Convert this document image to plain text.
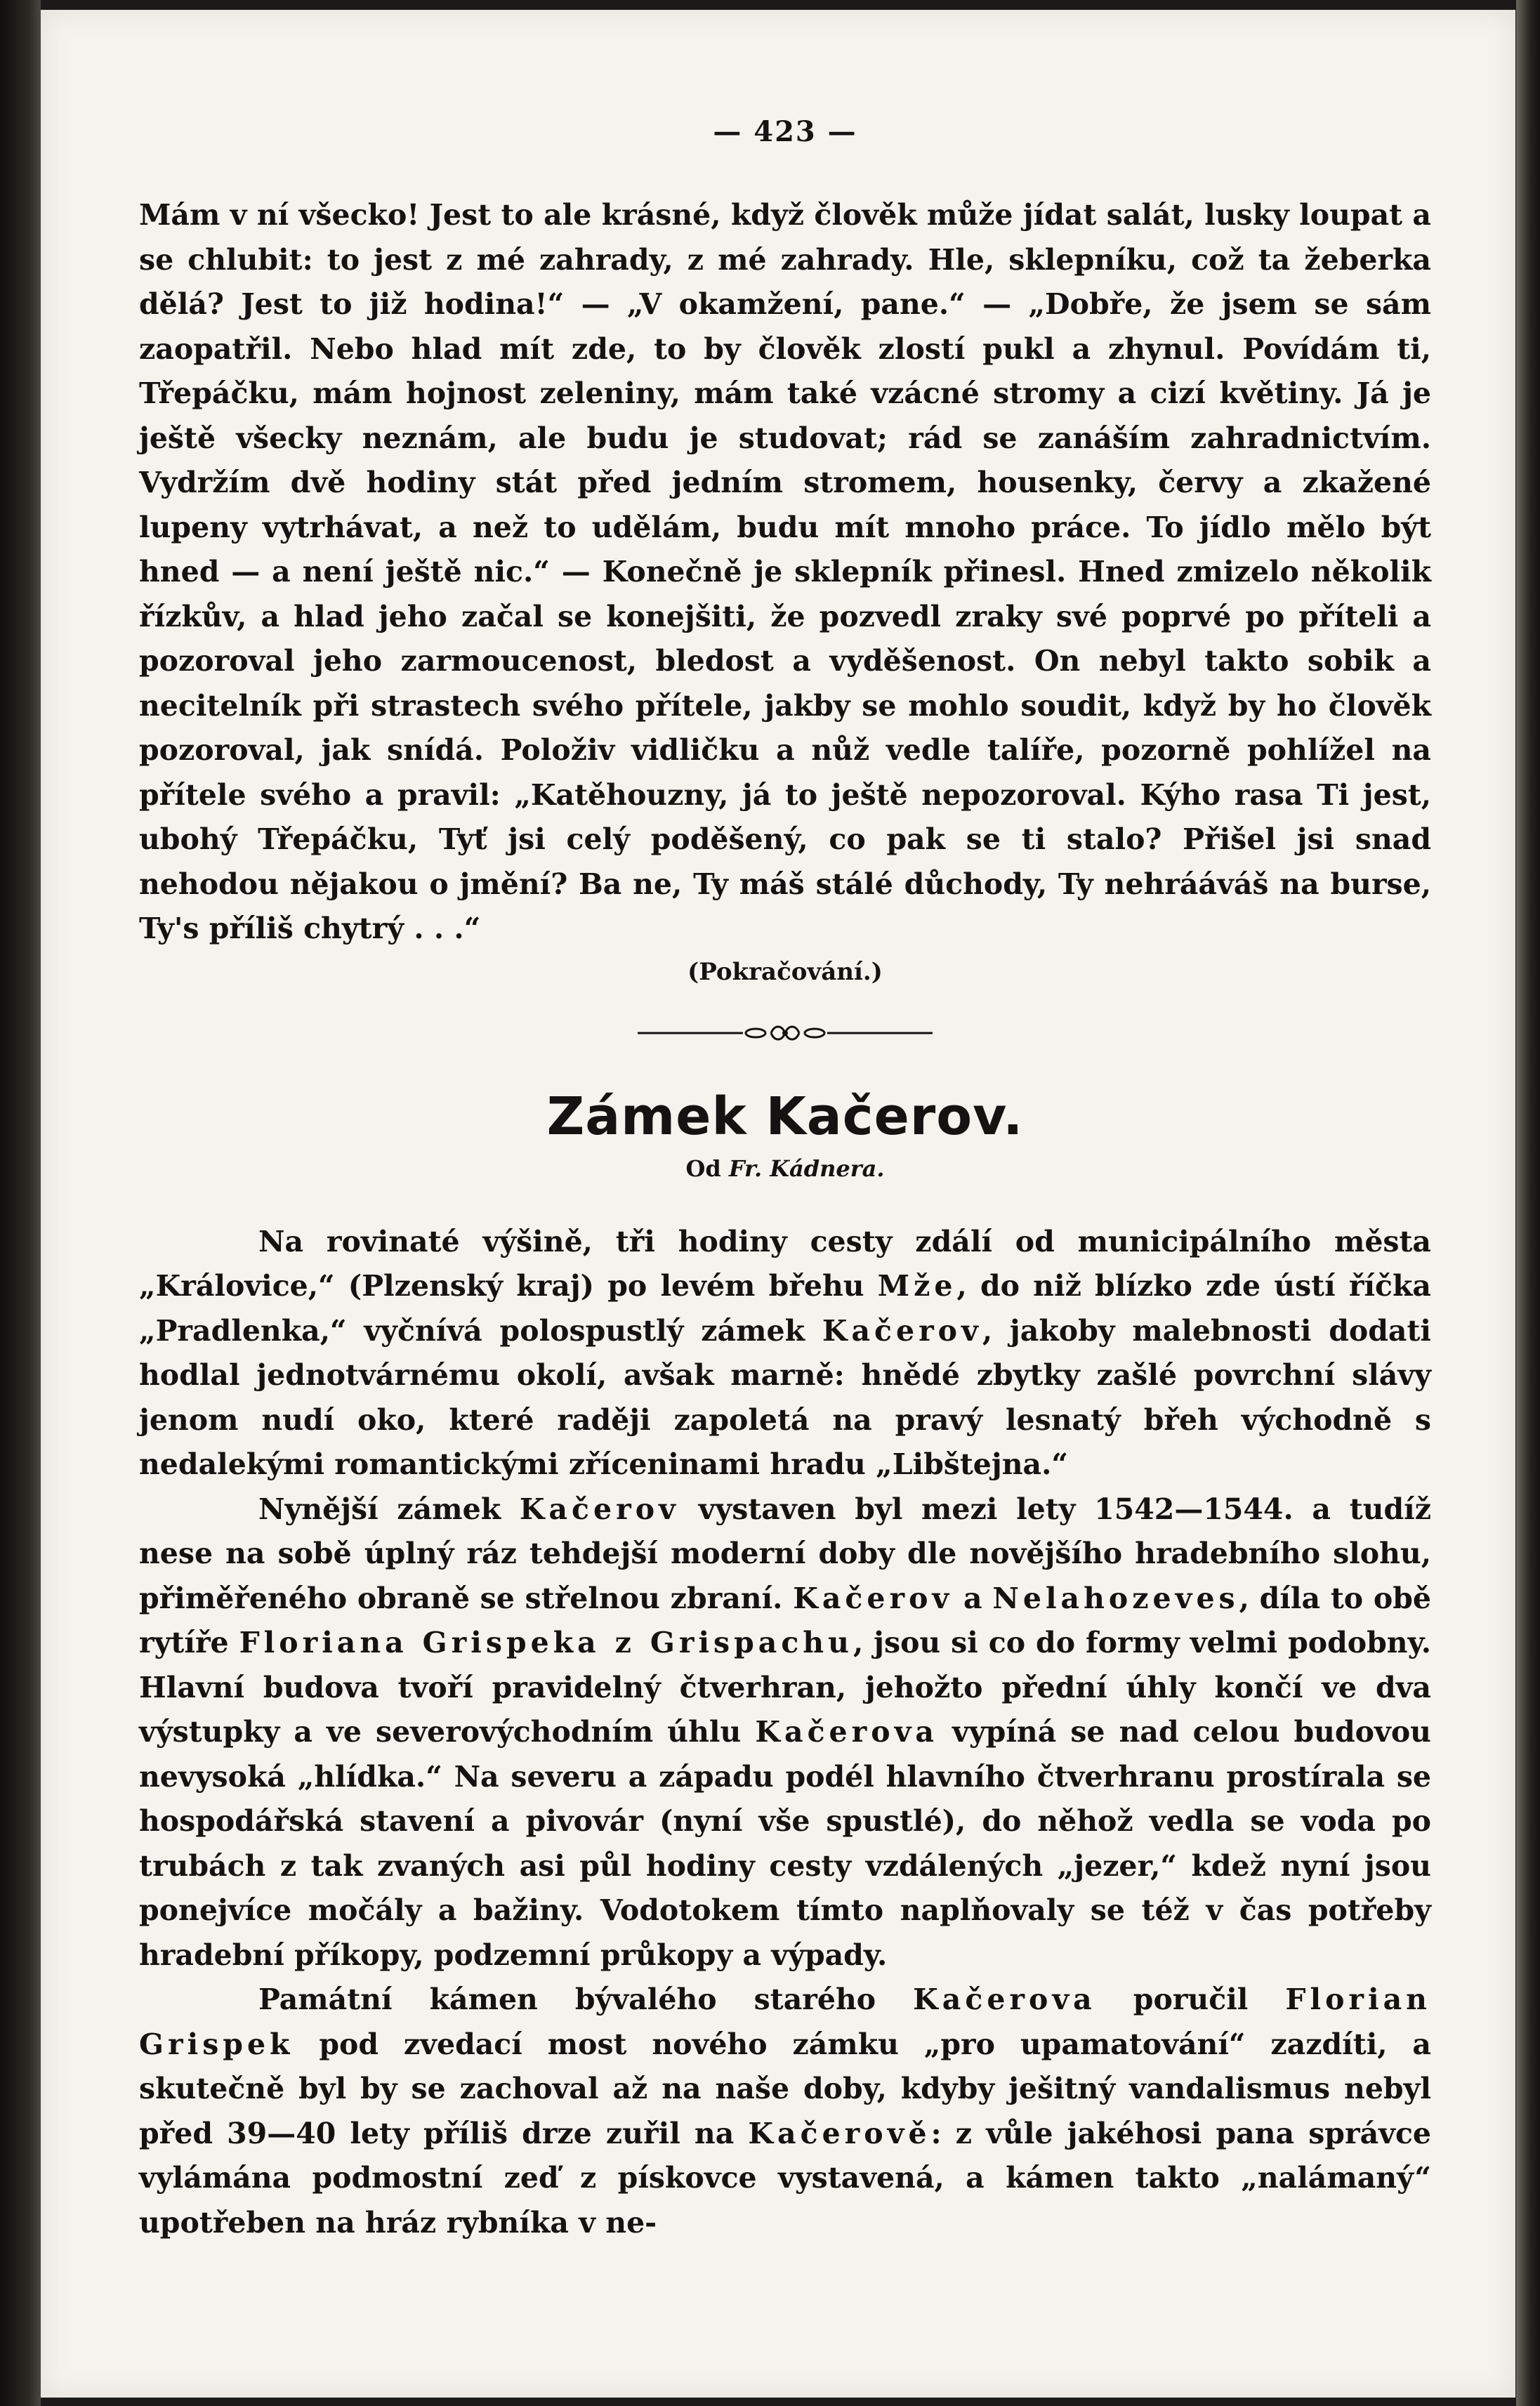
— 423 —

Mám v ní všecko! Jest to ale krásné, když člověk může jídat salát, lusky loupat a se chlubit: to jest z mé zahrady, z mé zahrady. Hle, sklepníku, což ta žeberka dělá? Jest to již hodina!“ — „V okamžení, pane.“ — „Dobře, že jsem se sám zaopatřil. Nebo hlad mít zde, to by člověk zlostí pukl a zhynul. Povídám ti, Třepáčku, mám hojnost zeleniny, mám také vzácné stromy a cizí květiny. Já je ještě všecky neznám, ale budu je studovat; rád se zanáším zahradnictvím. Vydržím dvě hodiny stát před jedním stromem, housenky, červy a zkažené lupeny vytrhávat, a než to udělám, budu mít mnoho práce. To jídlo mělo být hned — a není ještě nic.“ — Konečně je sklepník přinesl. Hned zmizelo několik řízkův, a hlad jeho začal se konejšiti, že pozvedl zraky své poprvé po příteli a pozoroval jeho zarmoucenost, bledost a vyděšenost. On nebyl takto sobik a necitelník při strastech svého přítele, jakby se mohlo soudit, když by ho člověk pozoroval, jak snídá. Položiv vidličku a nůž vedle talíře, pozorně pohlížel na přítele svého a pravil: „Katěhouzny, já to ještě nepozoroval. Kýho rasa Ti jest, ubohý Třepáčku, Tyť jsi celý poděšený, co pak se ti stalo? Přišel jsi snad nehodou nějakou o jmění? Ba ne, Ty máš stálé důchody, Ty nehrááváš na burse, Ty's příliš chytrý . . .“

(Pokračování.)
Zámek Kačerov.
Od Fr. Kádnera.

Na rovinaté výšině, tři hodiny cesty zdálí od municipálního města „Královice,“ (Plzenský kraj) po levém břehu Mže, do niž blízko zde ústí říčka „Pradlenka,“ vyčnívá polospustlý zámek Kačerov, jakoby malebnosti dodati hodlal jednotvárnému okolí, avšak marně: hnědé zbytky zašlé povrchní slávy jenom nudí oko, které raději zapoletá na pravý lesnatý břeh východně s nedalekými romantickými zříceninami hradu „Libštejna.“

Nynější zámek Kačerov vystaven byl mezi lety 1542—1544. a tudíž nese na sobě úplný ráz tehdejší moderní doby dle novějšího hradebního slohu, přiměřeného obraně se střelnou zbraní. Kačerov a Nelahozeves, díla to obě rytíře Floriana Grispeka z Grispachu, jsou si co do formy velmi podobny. Hlavní budova tvoří pravidelný čtverhran, jehožto přední úhly končí ve dva výstupky a ve severovýchodním úhlu Kačerova vypíná se nad celou budovou nevysoká „hlídka.“ Na severu a západu podél hlavního čtverhranu prostírala se hospodářská stavení a pivovár (nyní vše spustlé), do něhož vedla se voda po trubách z tak zvaných asi půl hodiny cesty vzdálených „jezer,“ kdež nyní jsou ponejvíce močály a bažiny. Vodotokem tímto naplňovaly se též v čas potřeby hradební příkopy, podzemní průkopy a výpady.

Památní kámen bývalého starého Kačerova poručil Florian Grispek pod zvedací most nového zámku „pro upamatování“ zazdíti, a skutečně byl by se zachoval až na naše doby, kdyby ješitný vandalismus nebyl před 39—40 lety příliš drze zuřil na Kačerově: z vůle jakéhosi pana správce vylámána podmostní zeď z pískovce vystavená, a kámen takto „nalámaný“ upotřeben na hráz rybníka v ne-
